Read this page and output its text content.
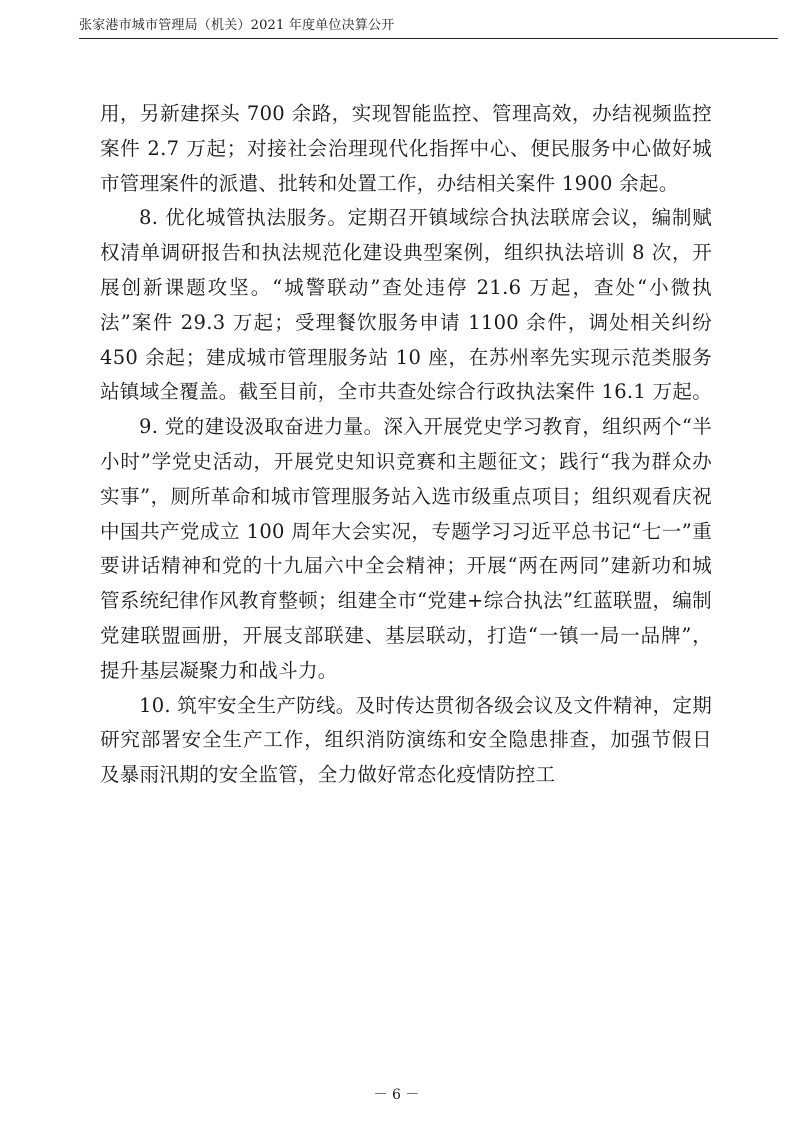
张家港市城市管理局（机关）2021 年度单位决算公开

用，另新建探头 700 余路，实现智能监控、管理高效，办结视频监控案件 2.7 万起；对接社会治理现代化指挥中心、便民服务中心做好城市管理案件的派遣、批转和处置工作，办结相关案件 1900 余起。

8. 优化城管执法服务。定期召开镇域综合执法联席会议，编制赋权清单调研报告和执法规范化建设典型案例，组织执法培训 8 次，开展创新课题攻坚。“城警联动”查处违停 21.6 万起，查处“小微执法”案件 29.3 万起；受理餐饮服务申请 1100 余件，调处相关纠纷 450 余起；建成城市管理服务站 10 座，在苏州率先实现示范类服务站镇域全覆盖。截至目前，全市共查处综合行政执法案件 16.1 万起。

9. 党的建设汲取奋进力量。深入开展党史学习教育，组织两个“半小时”学党史活动，开展党史知识竞赛和主题征文；践行“我为群众办实事”，厕所革命和城市管理服务站入选市级重点项目；组织观看庆祝中国共产党成立 100 周年大会实况，专题学习习近平总书记“七一”重要讲话精神和党的十九届六中全会精神；开展“两在两同”建新功和城管系统纪律作风教育整顿；组建全市“党建+综合执法”红蓝联盟，编制党建联盟画册，开展支部联建、基层联动，打造“一镇一局一品牌”，提升基层凝聚力和战斗力。

10. 筑牢安全生产防线。及时传达贯彻各级会议及文件精神，定期研究部署安全生产工作，组织消防演练和安全隐患排查，加强节假日及暴雨汛期的安全监管，全力做好常态化疫情防控工

－ 6 －
